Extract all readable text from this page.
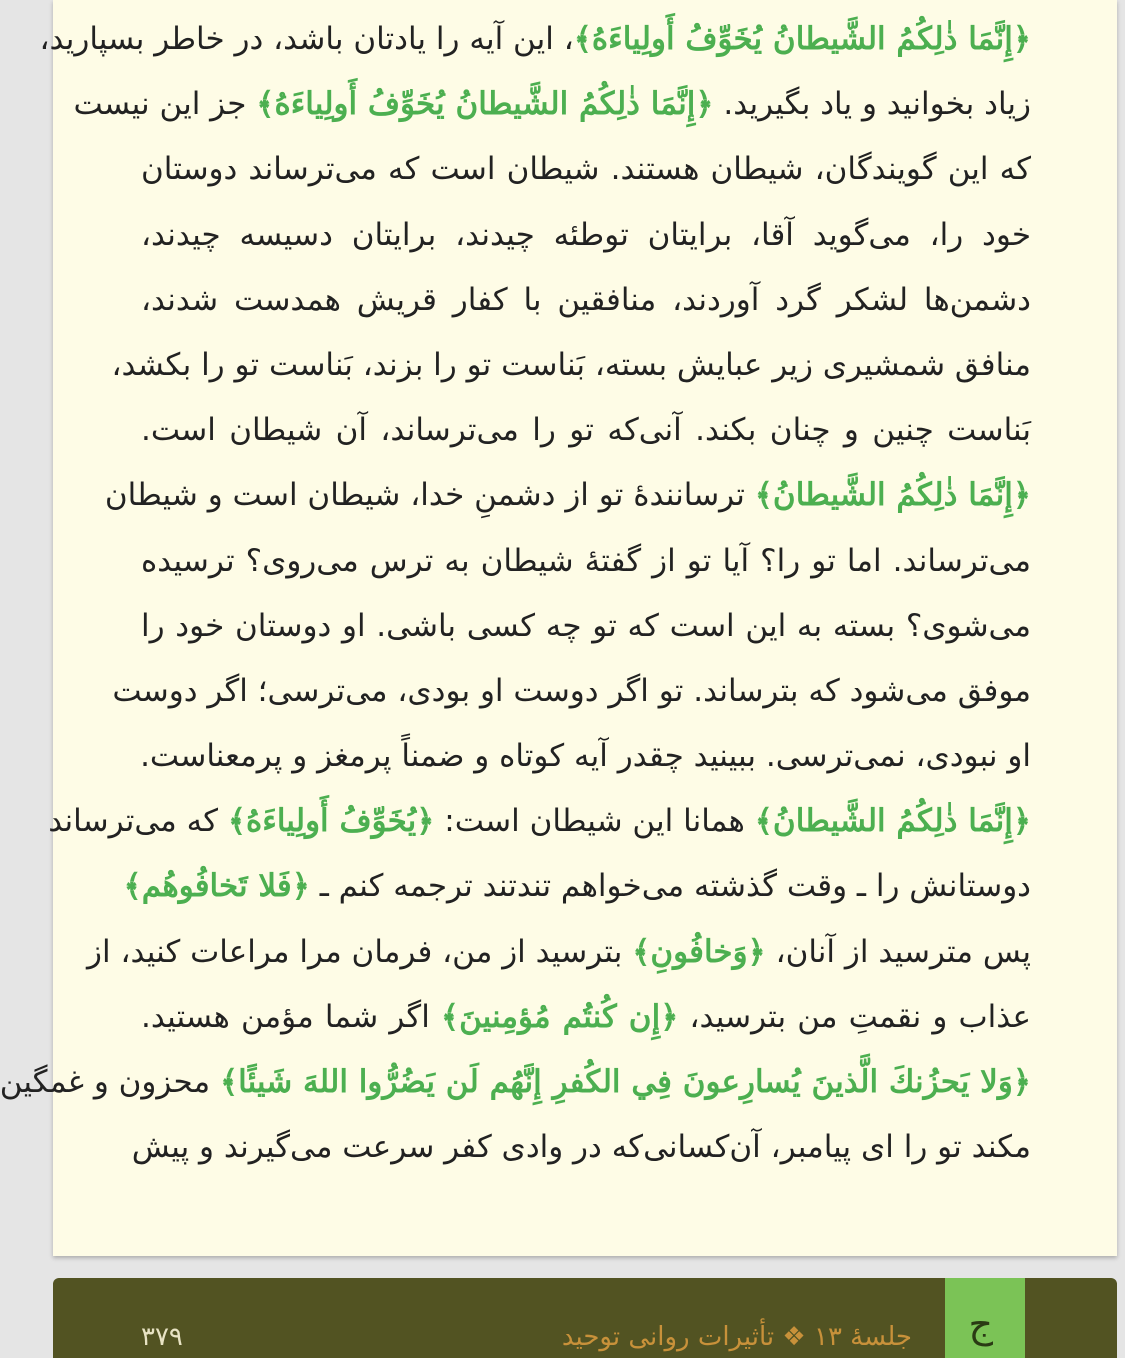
﴿إِنَّمَا ذٰلِكُمُ الشَّيطانُ يُخَوِّفُ أَولِياءَهُ﴾، این آیه را یادتان باشد، در خاطر بسپارید،
زیاد بخوانید و یاد بگیرید. ﴿إِنَّمَا ذٰلِكُمُ الشَّيطانُ يُخَوِّفُ أَولِياءَهُ﴾ جز این نیست
که این گویندگان، شیطان هستند. شیطان است که می‌ترساند دوستان
خود را، می‌گوید آقا، برایتان توطئه چیدند، برایتان دسیسه چیدند،
دشمن‌ها لشکر گرد آوردند، منافقین با کفار قریش همدست شدند،
منافق شمشیری زیر عبایش بسته، بَناست تو را بزند، بَناست تو را بکشد،
بَناست چنین و چنان بکند. آنی‌که تو را می‌ترساند، آن شیطان است.
﴿إِنَّمَا ذٰلِكُمُ الشَّيطانُ﴾ ترسانندهٔ تو از دشمنِ خدا، شیطان است و شیطان
می‌ترساند. اما تو را؟ آیا تو از گفتهٔ شیطان به ترس می‌روی؟ ترسیده
می‌شوی؟ بسته به این است که تو چه کسی باشی. او دوستان خود را
موفق می‌شود که بترساند. تو اگر دوست او بودی، می‌ترسی؛ اگر دوست
او نبودی، نمی‌ترسی. ببینید چقدر آیه کوتاه و ضمناً پرمغز و پرمعناست.
﴿إِنَّمَا ذٰلِكُمُ الشَّيطانُ﴾ همانا این شیطان است: ﴿يُخَوِّفُ أَولِياءَهُ﴾ که می‌ترساند
دوستانش را ـ وقت گذشته می‌خواهم تندتند ترجمه کنم ـ ﴿فَلا تَخافُوهُم﴾
پس مترسید از آنان، ﴿وَخافُونِ﴾ بترسید از من، فرمان مرا مراعات کنید، از
عذاب و نقمتِ من بترسید، ﴿إِن كُنتُم مُؤمِنينَ﴾ اگر شما مؤمن هستید.
﴿وَلا يَحزُنكَ الَّذينَ يُسارِعونَ فِي الكُفرِ إِنَّهُم لَن يَضُرُّوا اللهَ شَيئًا﴾ محزون و غمگین
مکند تو را ای پیامبر، آن‌کسانی‌که در وادی کفر سرعت می‌گیرند و پیش
ﺝ
جلسهٔ ۱۳ ❖ تأثیرات روانی توحید
۳۷۹
